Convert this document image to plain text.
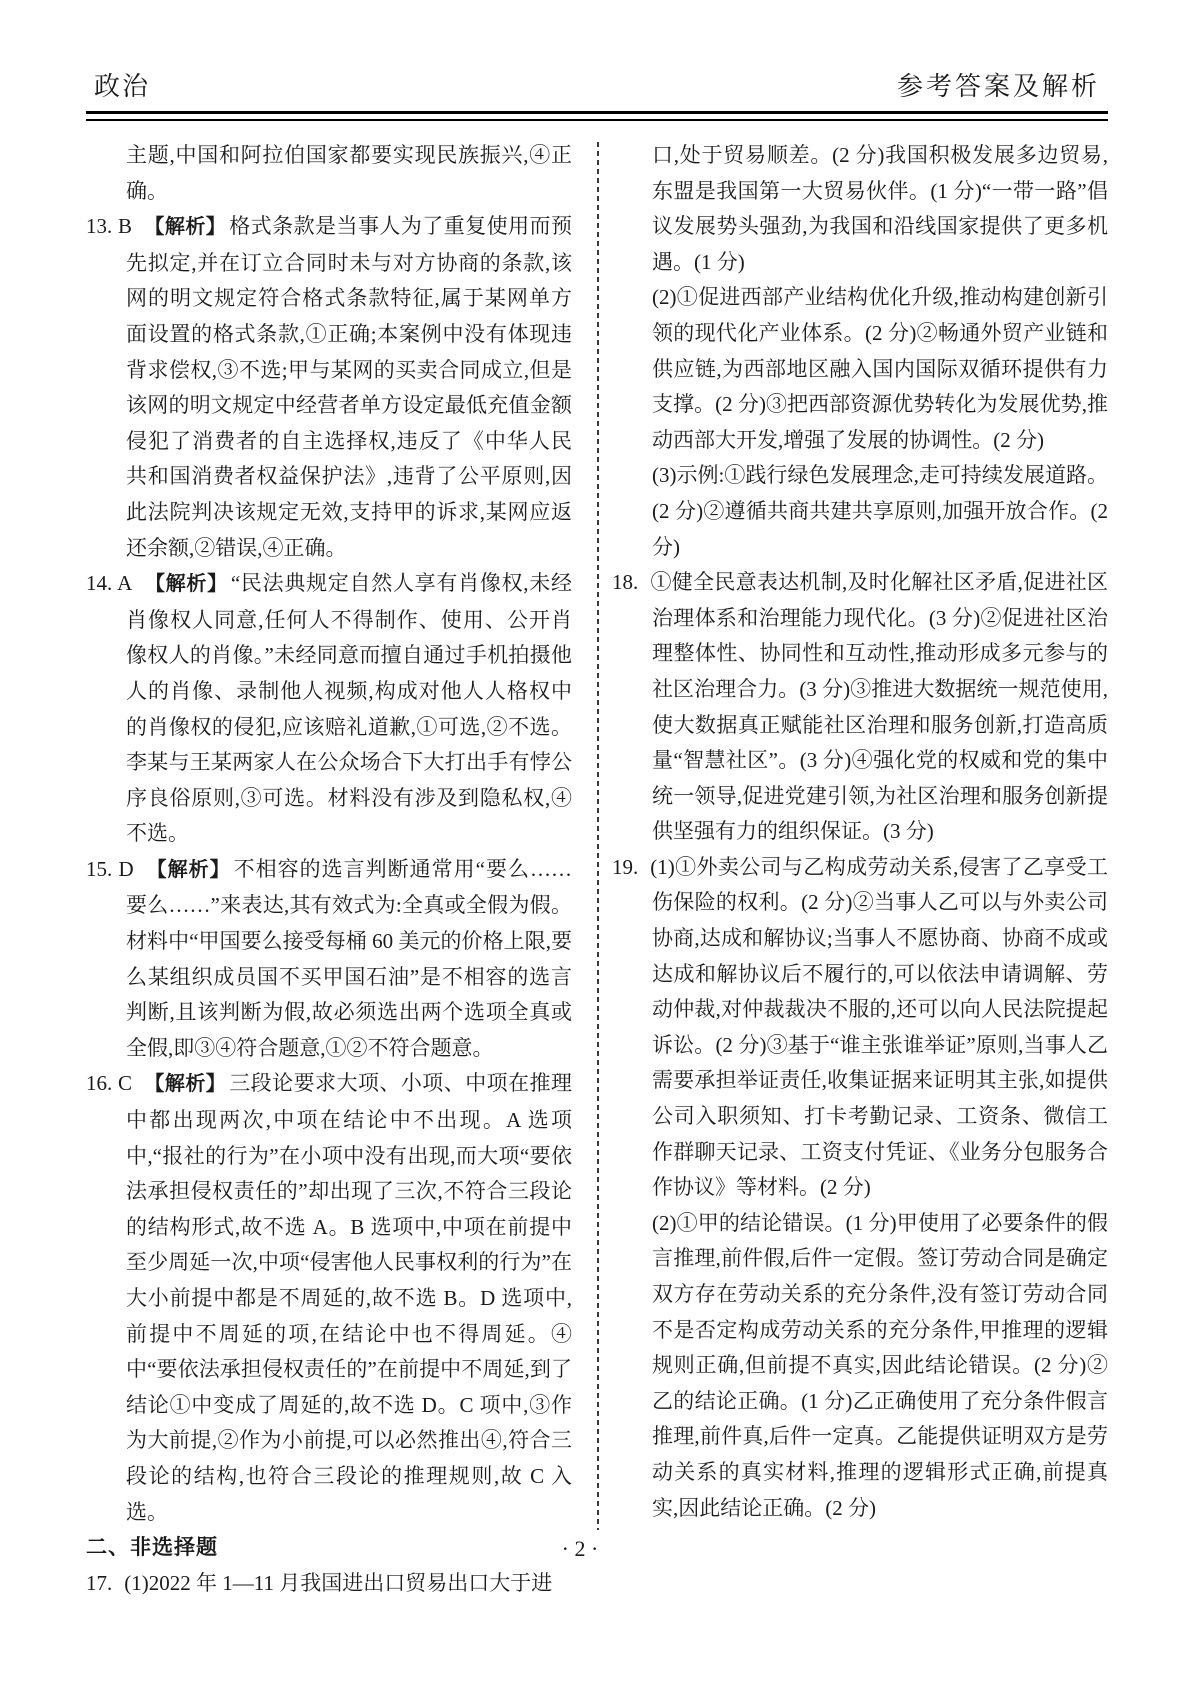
政治	参考答案及解析

主题,中国和阿拉伯国家都要实现民族振兴,④正确。

13. B 【解析】 格式条款是当事人为了重复使用而预先拟定,并在订立合同时未与对方协商的条款,该网的明文规定符合格式条款特征,属于某网单方面设置的格式条款,①正确;本案例中没有体现违背求偿权,③不选;甲与某网的买卖合同成立,但是该网的明文规定中经营者单方设定最低充值金额侵犯了消费者的自主选择权,违反了《中华人民共和国消费者权益保护法》,违背了公平原则,因此法院判决该规定无效,支持甲的诉求,某网应返还余额,②错误,④正确。

14. A 【解析】 “民法典规定自然人享有肖像权,未经肖像权人同意,任何人不得制作、使用、公开肖像权人的肖像。”未经同意而擅自通过手机拍摄他人的肖像、录制他人视频,构成对他人人格权中的肖像权的侵犯,应该赔礼道歉,①可选,②不选。李某与王某两家人在公众场合下大打出手有悖公序良俗原则,③可选。材料没有涉及到隐私权,④不选。

15. D 【解析】 不相容的选言判断通常用“要么……要么……”来表达,其有效式为:全真或全假为假。材料中“甲国要么接受每桶 60 美元的价格上限,要么某组织成员国不买甲国石油”是不相容的选言判断,且该判断为假,故必须选出两个选项全真或全假,即③④符合题意,①②不符合题意。

16. C 【解析】 三段论要求大项、小项、中项在推理中都出现两次,中项在结论中不出现。A 选项中,“报社的行为”在小项中没有出现,而大项“要依法承担侵权责任的”却出现了三次,不符合三段论的结构形式,故不选 A。B 选项中,中项在前提中至少周延一次,中项“侵害他人民事权利的行为”在大小前提中都是不周延的,故不选 B。D 选项中,前提中不周延的项,在结论中也不得周延。④中“要依法承担侵权责任的”在前提中不周延,到了结论①中变成了周延的,故不选 D。C 项中,③作为大前提,②作为小前提,可以必然推出④,符合三段论的结构,也符合三段论的推理规则,故 C 入选。

二、非选择题

17. (1)2022 年 1—11 月我国进出口贸易出口大于进

口,处于贸易顺差。(2 分)我国积极发展多边贸易,东盟是我国第一大贸易伙伴。(1 分)“一带一路”倡议发展势头强劲,为我国和沿线国家提供了更多机遇。(1 分)

(2)①促进西部产业结构优化升级,推动构建创新引领的现代化产业体系。(2 分)②畅通外贸产业链和供应链,为西部地区融入国内国际双循环提供有力支撑。(2 分)③把西部资源优势转化为发展优势,推动西部大开发,增强了发展的协调性。(2 分)

(3)示例:①践行绿色发展理念,走可持续发展道路。(2 分)②遵循共商共建共享原则,加强开放合作。(2 分)

18. ①健全民意表达机制,及时化解社区矛盾,促进社区治理体系和治理能力现代化。(3 分)②促进社区治理整体性、协同性和互动性,推动形成多元参与的社区治理合力。(3 分)③推进大数据统一规范使用,使大数据真正赋能社区治理和服务创新,打造高质量“智慧社区”。(3 分)④强化党的权威和党的集中统一领导,促进党建引领,为社区治理和服务创新提供坚强有力的组织保证。(3 分)

19. (1)①外卖公司与乙构成劳动关系,侵害了乙享受工伤保险的权利。(2 分)②当事人乙可以与外卖公司协商,达成和解协议;当事人不愿协商、协商不成或达成和解协议后不履行的,可以依法申请调解、劳动仲裁,对仲裁裁决不服的,还可以向人民法院提起诉讼。(2 分)③基于“谁主张谁举证”原则,当事人乙需要承担举证责任,收集证据来证明其主张,如提供公司入职须知、打卡考勤记录、工资条、微信工作群聊天记录、工资支付凭证、《业务分包服务合作协议》等材料。(2 分)

(2)①甲的结论错误。(1 分)甲使用了必要条件的假言推理,前件假,后件一定假。签订劳动合同是确定双方存在劳动关系的充分条件,没有签订劳动合同不是否定构成劳动关系的充分条件,甲推理的逻辑规则正确,但前提不真实,因此结论错误。(2 分)②乙的结论正确。(1 分)乙正确使用了充分条件假言推理,前件真,后件一定真。乙能提供证明双方是劳动关系的真实材料,推理的逻辑形式正确,前提真实,因此结论正确。(2 分)

· 2 ·
